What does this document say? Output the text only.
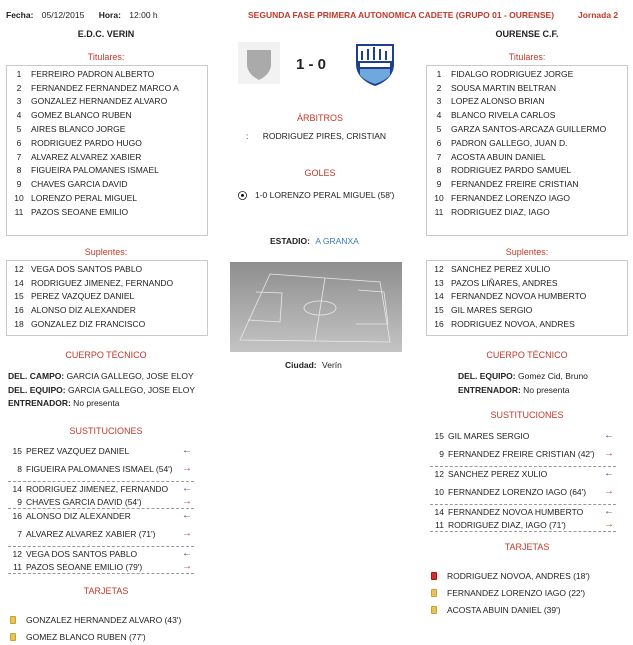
Fecha: 05/12/2015 Hora: 12:00 h	SEGUNDA FASE PRIMERA AUTONOMICA CADETE (GRUPO 01 - OURENSE)	Jornada 2
E.D.C. VERIN	OURENSE C.F.
1 - 0
Titulares:	Titulares:
1	FERREIRO PADRON ALBERTO
2	FERNANDEZ FERNANDEZ MARCO A
3	GONZALEZ HERNANDEZ ALVARO
4	GOMEZ BLANCO RUBEN
5	AIRES BLANCO JORGE
6	RODRIGUEZ PARDO HUGO
7	ALVAREZ ALVAREZ XABIER
8	FIGUEIRA PALOMANES ISMAEL
9	CHAVES GARCIA DAVID
10 LORENZO PERAL MIGUEL
11 PAZOS SEOANE EMILIO
1	FIDALGO RODRIGUEZ JORGE
2	SOUSA MARTIN BELTRAN
3	LOPEZ ALONSO BRIAN
4	BLANCO RIVELA CARLOS
5	GARZA SANTOS-ARCAZA GUILLERMO
6	PADRON GALLEGO, JUAN D.
7	ACOSTA ABUIN DANIEL
8	RODRIGUEZ PARDO SAMUEL
9	FERNANDEZ FREIRE CRISTIAN
10 FERNANDEZ LORENZO IAGO
11 RODRIGUEZ DIAZ, IAGO
ÁRBITROS
: RODRIGUEZ PIRES, CRISTIAN
GOLES
1-0 LORENZO PERAL MIGUEL (58')
ESTADIO: A GRANXA
Ciudad: Verín
Suplentes:	Suplentes:
12 VEGA DOS SANTOS PABLO
14 RODRIGUEZ JIMENEZ, FERNANDO
15 PEREZ VAZQUEZ DANIEL
16 ALONSO DIZ ALEXANDER
18 GONZALEZ DIZ FRANCISCO
12 SANCHEZ PEREZ XULIO
13 PAZOS LIÑARES, ANDRES
14 FERNANDEZ NOVOA HUMBERTO
15 GIL MARES SERGIO
16 RODRIGUEZ NOVOA, ANDRES
CUERPO TÉCNICO	CUERPO TÉCNICO
DEL. CAMPO: GARCIA GALLEGO, JOSE ELOY
DEL. EQUIPO: GARCIA GALLEGO, JOSE ELOY
ENTRENADOR: No presenta
DEL. EQUIPO: Gomez Cid, Bruno
ENTRENADOR: No presenta
SUSTITUCIONES
SUSTITUCIONES
15 PEREZ VAZQUEZ DANIEL	←
8 FIGUEIRA PALOMANES ISMAEL (54') →
14 RODRIGUEZ JIMENEZ, FERNANDO	←
9 CHAVES GARCIA DAVID (54')	→
16 ALONSO DIZ ALEXANDER	←
7 ALVAREZ ALVAREZ XABIER (71')	→
12 VEGA DOS SANTOS PABLO	←
11 PAZOS SEOANE EMILIO (79')	→
15 GIL MARES SERGIO	←
9 FERNANDEZ FREIRE CRISTIAN (42') →
12 SANCHEZ PEREZ XULIO	←
10 FERNANDEZ LORENZO IAGO (64')	→
14 FERNANDEZ NOVOA HUMBERTO	←
11 RODRIGUEZ DIAZ, IAGO (71')	→
TARJETAS
TARJETAS
GONZALEZ HERNANDEZ ALVARO (43')
GOMEZ BLANCO RUBEN (77')
RODRIGUEZ NOVOA, ANDRES (18')
FERNANDEZ LORENZO IAGO (22')
ACOSTA ABUIN DANIEL (39')
